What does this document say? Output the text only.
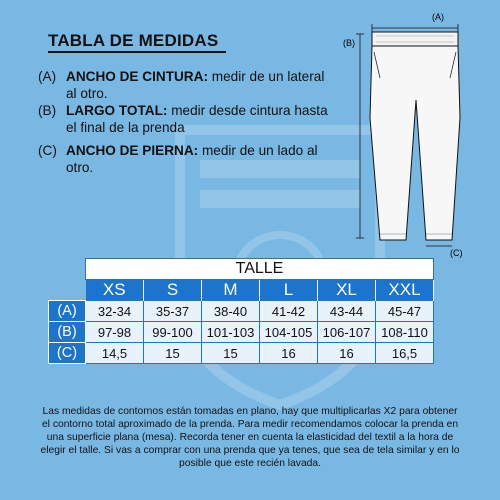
TABLA DE MEDIDAS
(A) ANCHO DE CINTURA: medir de un lateral al otro.
(B) LARGO TOTAL: medir desde cintura hasta el final de la prenda
(C) ANCHO DE PIERNA: medir de un lado al otro.
(A)
(B)
(C)
	TALLE					
	XS	S	M	L	XL	XXL
(A)	32-34	35-37	38-40	41-42	43-44	45-47
(B)	97-98	99-100	101-103	104-105	106-107	108-110
(C)	14,5	15	15	16	16	16,5
Las medidas de contornos están tomadas en plano, hay que multiplicarlas X2 para obtener el contorno total aproximado de la prenda. Para medir recomendamos colocar la prenda en una superficie plana (mesa). Recorda tener en cuenta la elasticidad del textil a la hora de elegir el talle. Si vas a comprar con una prenda que ya tenes, que sea de tela similar y en lo posible que este recién lavada.
